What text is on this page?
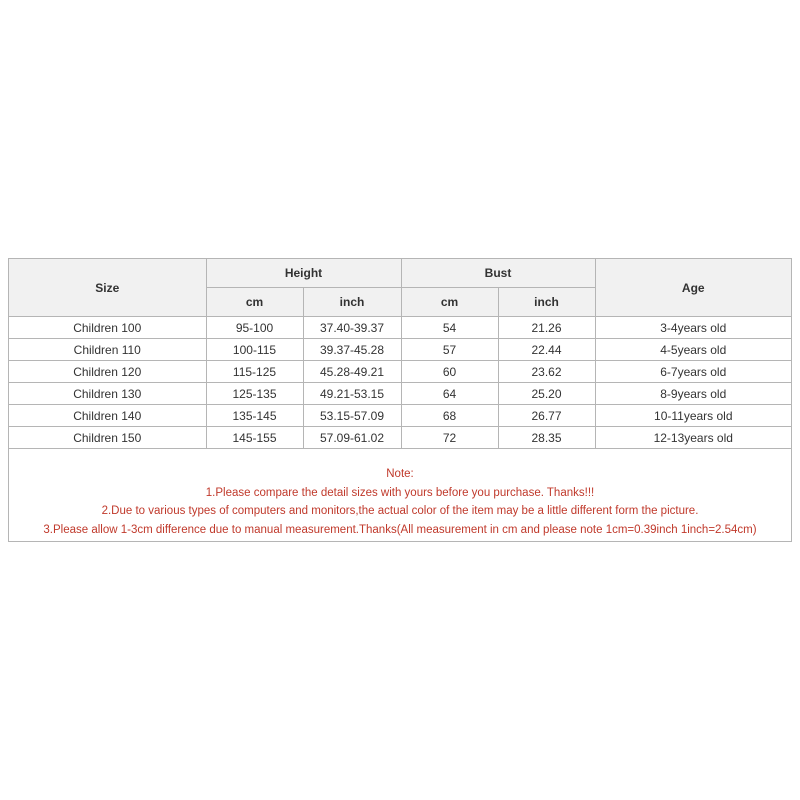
Size	Height		Bust		Age
	cm	inch	cm	inch	
Children 100	95-100	37.40-39.37	54	21.26	3-4years old
Children 110	100-115	39.37-45.28	57	22.44	4-5years old
Children 120	115-125	45.28-49.21	60	23.62	6-7years old
Children 130	125-135	49.21-53.15	64	25.20	8-9years old
Children 140	135-145	53.15-57.09	68	26.77	10-11years old
Children 150	145-155	57.09-61.02	72	28.35	12-13years old
Note:
1.Please compare the detail sizes with yours before you purchase. Thanks!!!
2.Due to various types of computers and monitors,the actual color of the item may be a little different form the picture.
3.Please allow 1-3cm difference due to manual measurement.Thanks(All measurement in cm and please note 1cm=0.39inch 1inch=2.54cm)
